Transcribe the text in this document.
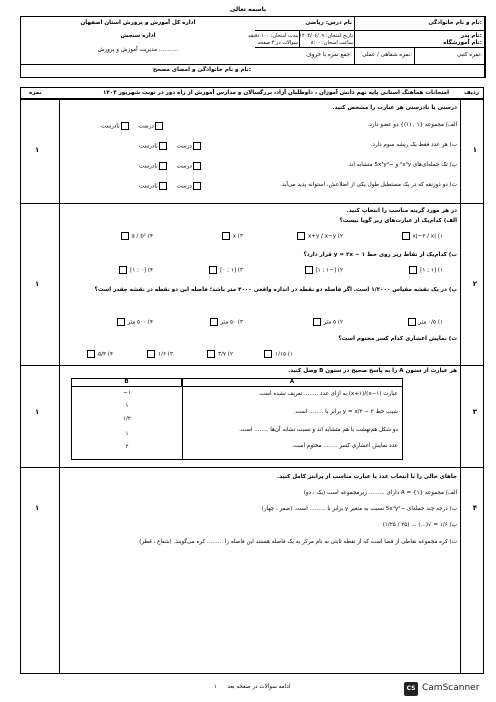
باسمه تعالی
نام و نام خانوادگی:
نام درس: ریاضی
اداره کل آموزش و پرورش استان اصفهان
اداره سنجش
مدیریت آموزش و پرورش ...........
نام پدر:
نام آموزشگاه:
تاریخ امتحان: ۱۴۰۴/۰۶/۰۹
ساعت امتحان: ۸:۰۰
مدت امتحان: ۱۰۰ دقیقه
سوالات در ۴ صفحه
نمره کتبی:
نمره شفاهی / عملی:
جمع نمره با حروف:
نام و نام خانوادگی و امضای مصحح:
ردیف
امتحانات هماهنگ استانی پایه نهم دانش آموزان ، داوطلبان آزاد، بزرگسالان و مدارس آموزش از راه دور در نوبت شهریور ۱۴۰۴
نمره
۱
۱
درستی یا نادرستی هر عبارت را مشخص کنید.
الف) مجموعه {۱ , (۱)} دو عضو دارد.
ب) هر عدد فقط یک ریشه سوم دارد.
پ) تک جمله‌ای‌های ²x³y و −5x³y² متشابه اند.
ت) دو ذوزنقه که در یک مستطیل طول یکی از اضلاعش، استوانه پدید می‌آید.
درست     نادرست
درست     نادرست
درست     نادرست
درست     نادرست
۲
۱
در هر مورد گزینه مناسب را انتخاب کنید.
الف) کدام‌یک از عبارت‌های زیر گویا نیست؟
۱) |x|−۲ / x
۲) x+y / x−y
۳) x
۴) a / b²
ب) کدام‌یک از نقاط زیر روی خط y = ۲x − ۱ قرار دارد؟
۱) [۱ ; ۱]
۲) [−۱ ; ۱]
۳) [۱ ; ۰]
۴) [۰ ; ۱]
پ) در یک نقشه مقیاس ۱/۲۰۰۰ است. اگر فاصله دو نقطه در اندازه واقعی ۴۰۰۰ متر باشد؛ فاصله این دو نقطه در نقشه چقدر است؟
۱) ۰/۵ متر
۲) ۵ متر
۳) ۵۰ متر
۴) ۵۰۰ متر
ت) نمایش اعشاری کدام کسر مختوم است؟
۱) ۱/۱۵
۲) ۳/۷
۳) ۱/۶
۴) ۵/۴
۳
۱
هر عبارت از ستون A را به پاسخ صحیح در ستون B وصل کنید.
B	A
−۱
۱
۱/۲
۱
۲
عبارت (x−۱)/(x+۱) به ازای عدد ........ تعریف نشده است.
شیب خط y = x/۲ − ۲ برابر با ........ است.
دو شکل هم‌نهشت با هم متشابه اند و نسبت تشابه آن‌ها ........ است.
عدد نمایش اعشاری کسر ........ مختوم است.
۴
۱
جاهای خالی را با انتخاب عدد یا عبارت مناسب از پرانتز کامل کنید.
الف) مجموعه {۱} = A دارای ......... زیرمجموعه است (یک ، دو)
ب) درجه چند جمله‌ای −5x⁴y² نسبت به متغیر y برابر با ......... است. (صفر ، چهار)
پ) ۱/۶ = √(...) ... (۳۵ / ۱/۲۵)
ت) کره مجموعه نقاطی از فضا است که از نقطه ثابتی به نام مرکز به یک فاصله هستند این فاصله را ......... کره می‌گویند. (شعاع ، قطر)
۱ ادامه سوالات در صفحه بعد	CS CamScanner
